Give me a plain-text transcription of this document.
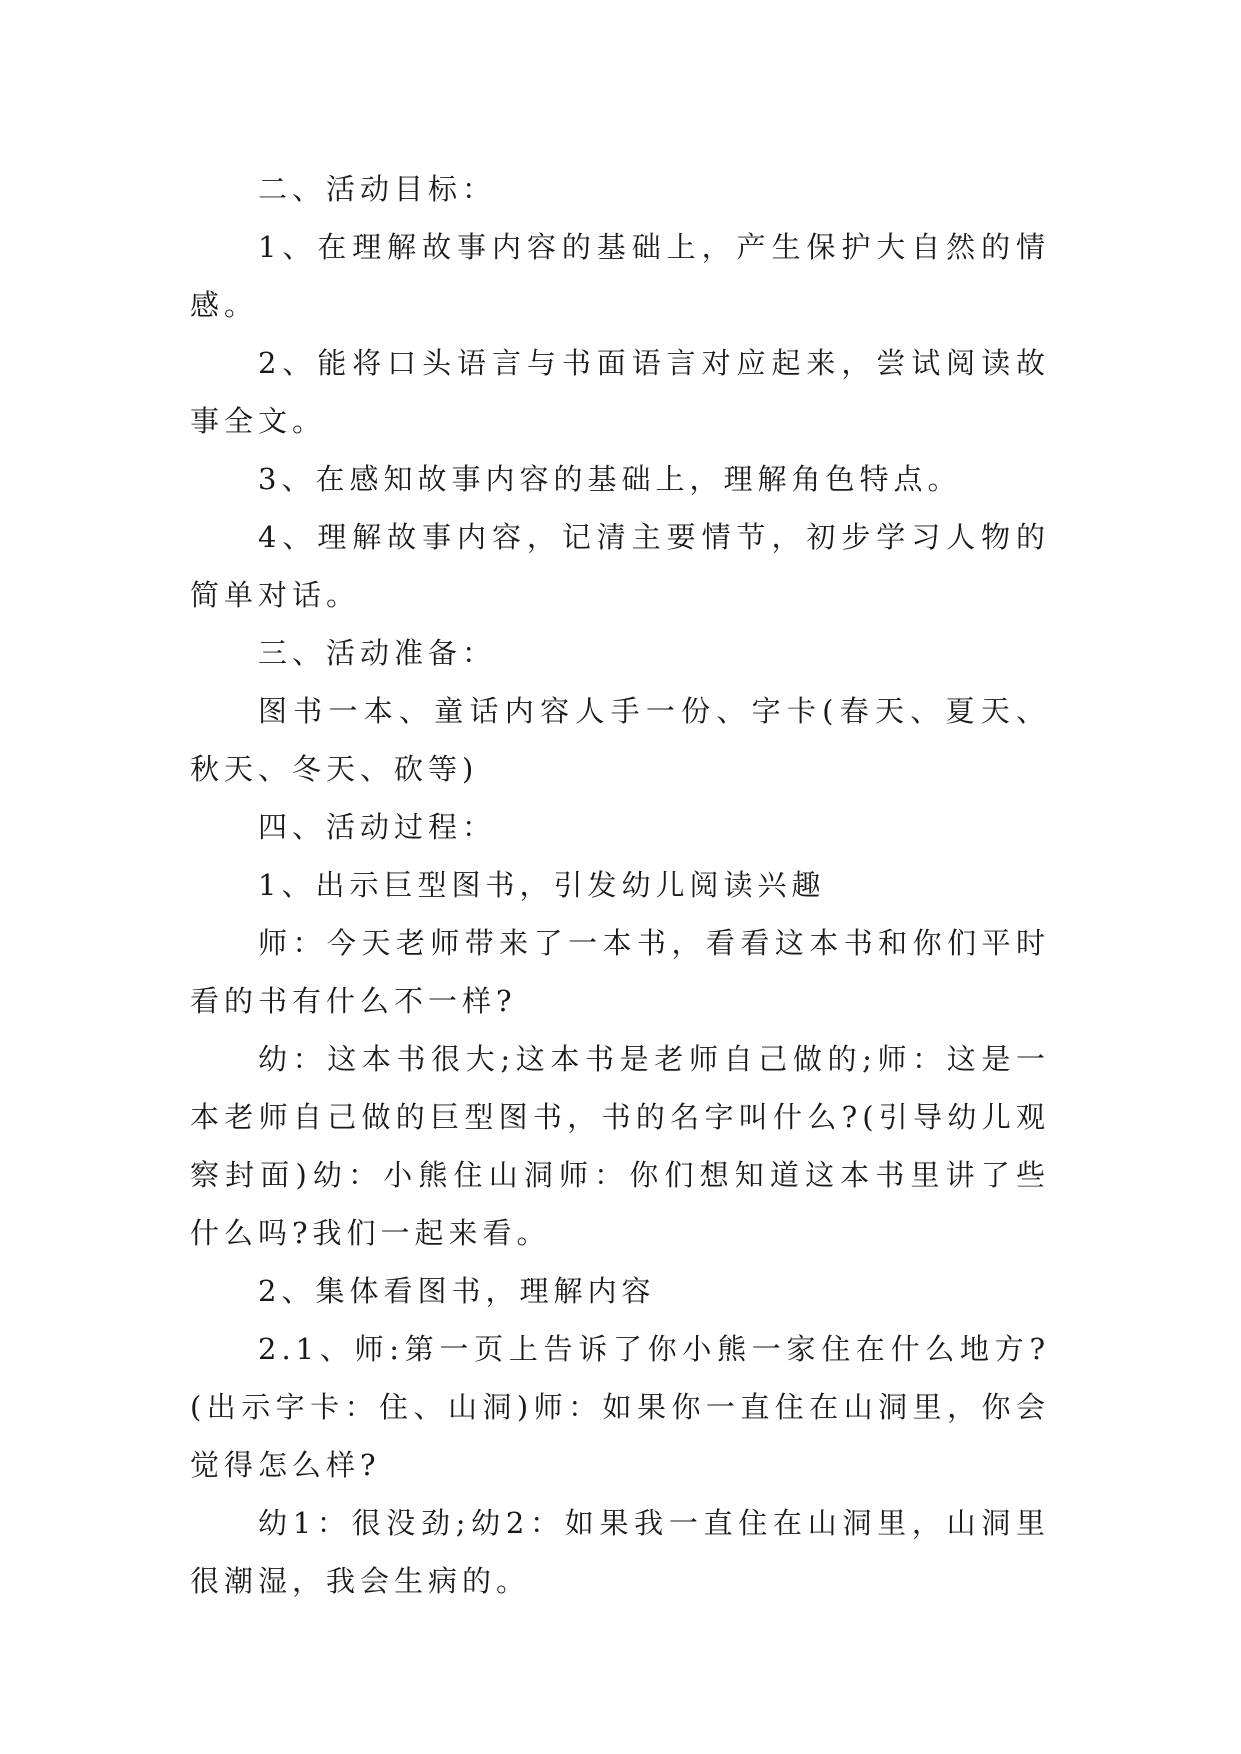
二、活动目标：

1、在理解故事内容的基础上，产生保护大自然的情感。

2、能将口头语言与书面语言对应起来，尝试阅读故事全文。

3、在感知故事内容的基础上，理解角色特点。

4、理解故事内容，记清主要情节，初步学习人物的简单对话。

三、活动准备：

图书一本、童话内容人手一份、字卡(春天、夏天、秋天、冬天、砍等)

四、活动过程：

1、出示巨型图书，引发幼儿阅读兴趣

师：今天老师带来了一本书，看看这本书和你们平时看的书有什么不一样?

幼：这本书很大;这本书是老师自己做的;师：这是一本老师自己做的巨型图书，书的名字叫什么?(引导幼儿观察封面)幼：小熊住山洞师：你们想知道这本书里讲了些什么吗?我们一起来看。

2、集体看图书，理解内容

2.1、师:第一页上告诉了你小熊一家住在什么地方?(出示字卡：住、山洞)师：如果你一直住在山洞里，你会觉得怎么样?

幼1：很没劲;幼2：如果我一直住在山洞里，山洞里很潮湿，我会生病的。
